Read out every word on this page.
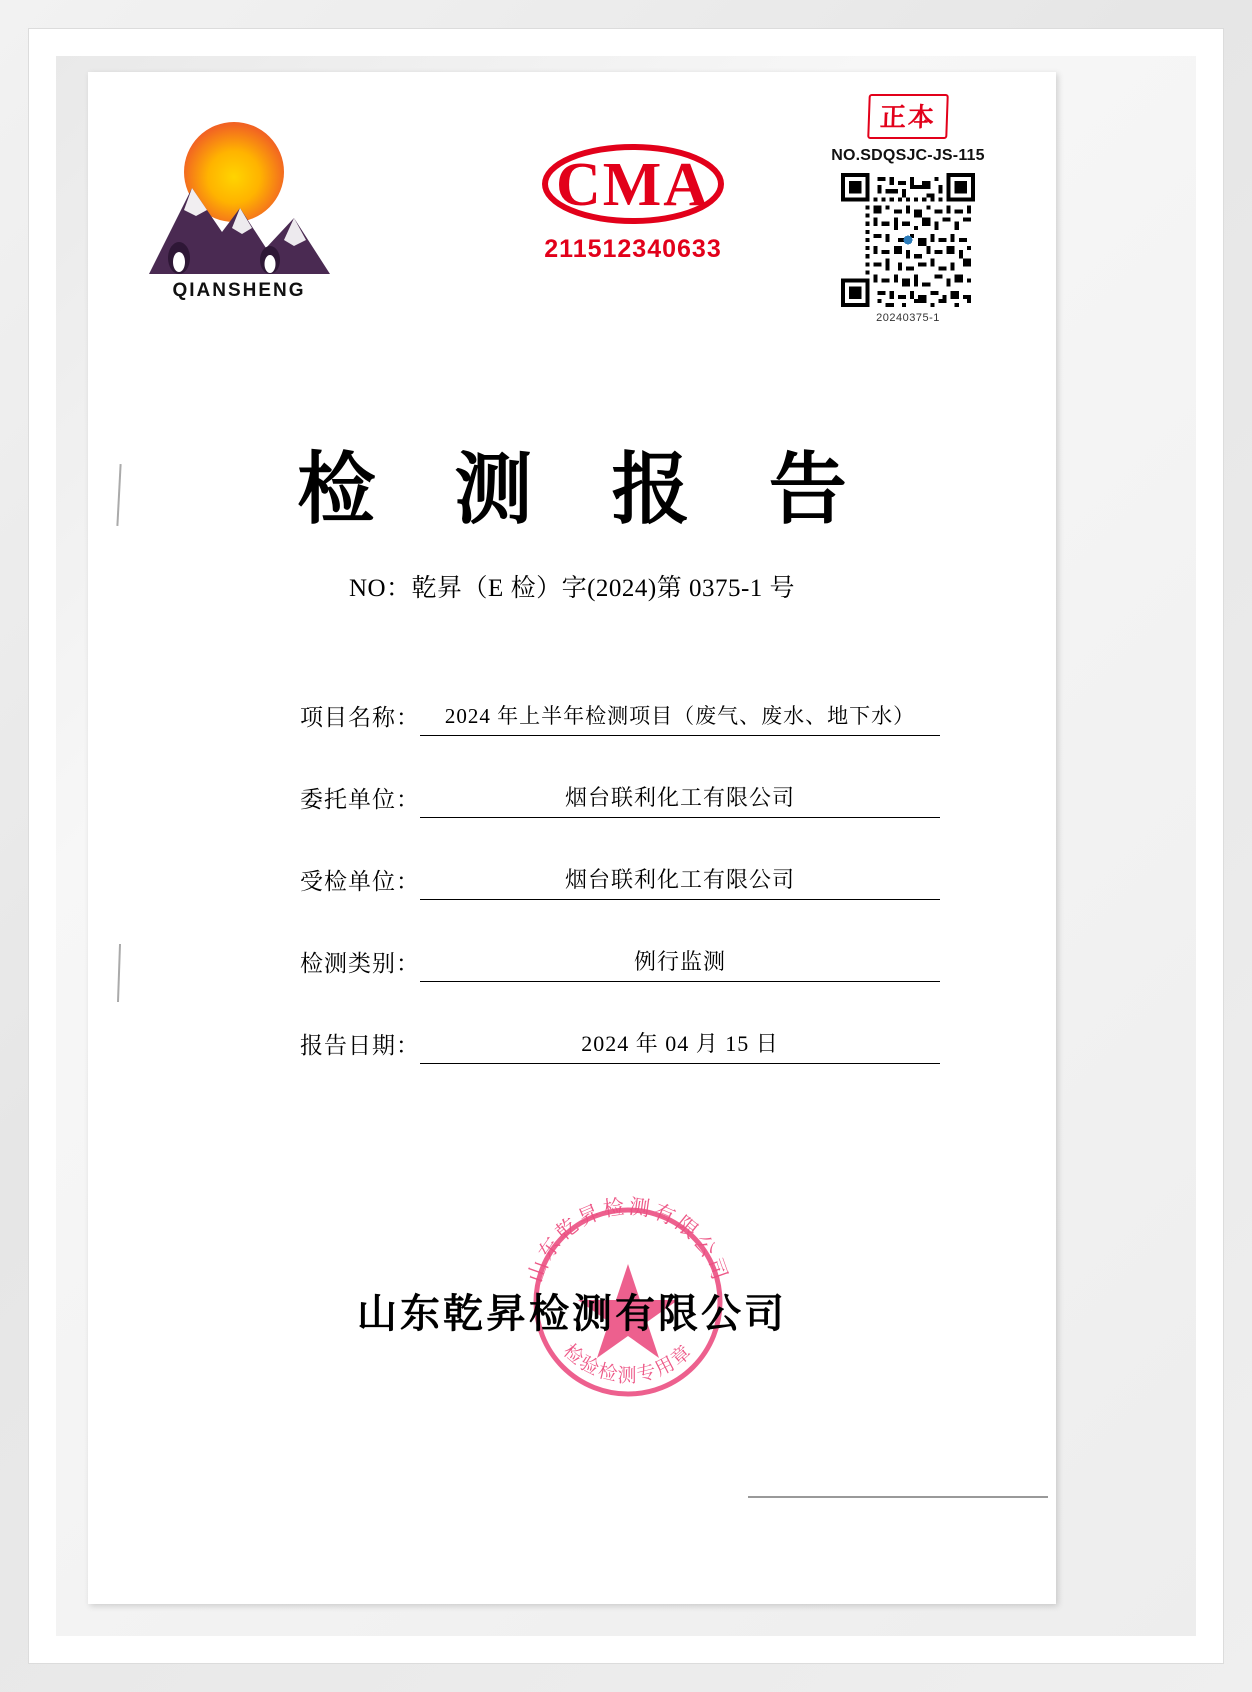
QIANSHENG
CMA
211512340633
正本
NO.SDQSJC-JS-115
20240375-1
检 测 报 告
NO：乾昇（E 检）字(2024)第 0375-1 号
项目名称：	2024 年上半年检测项目（废气、废水、地下水）
委托单位：	烟台联利化工有限公司
受检单位：	烟台联利化工有限公司
检测类别：	例行监测
报告日期：	2024 年 04 月 15 日
山东乾昇检测有限公司
检验检测专用章
山东乾昇检测有限公司
